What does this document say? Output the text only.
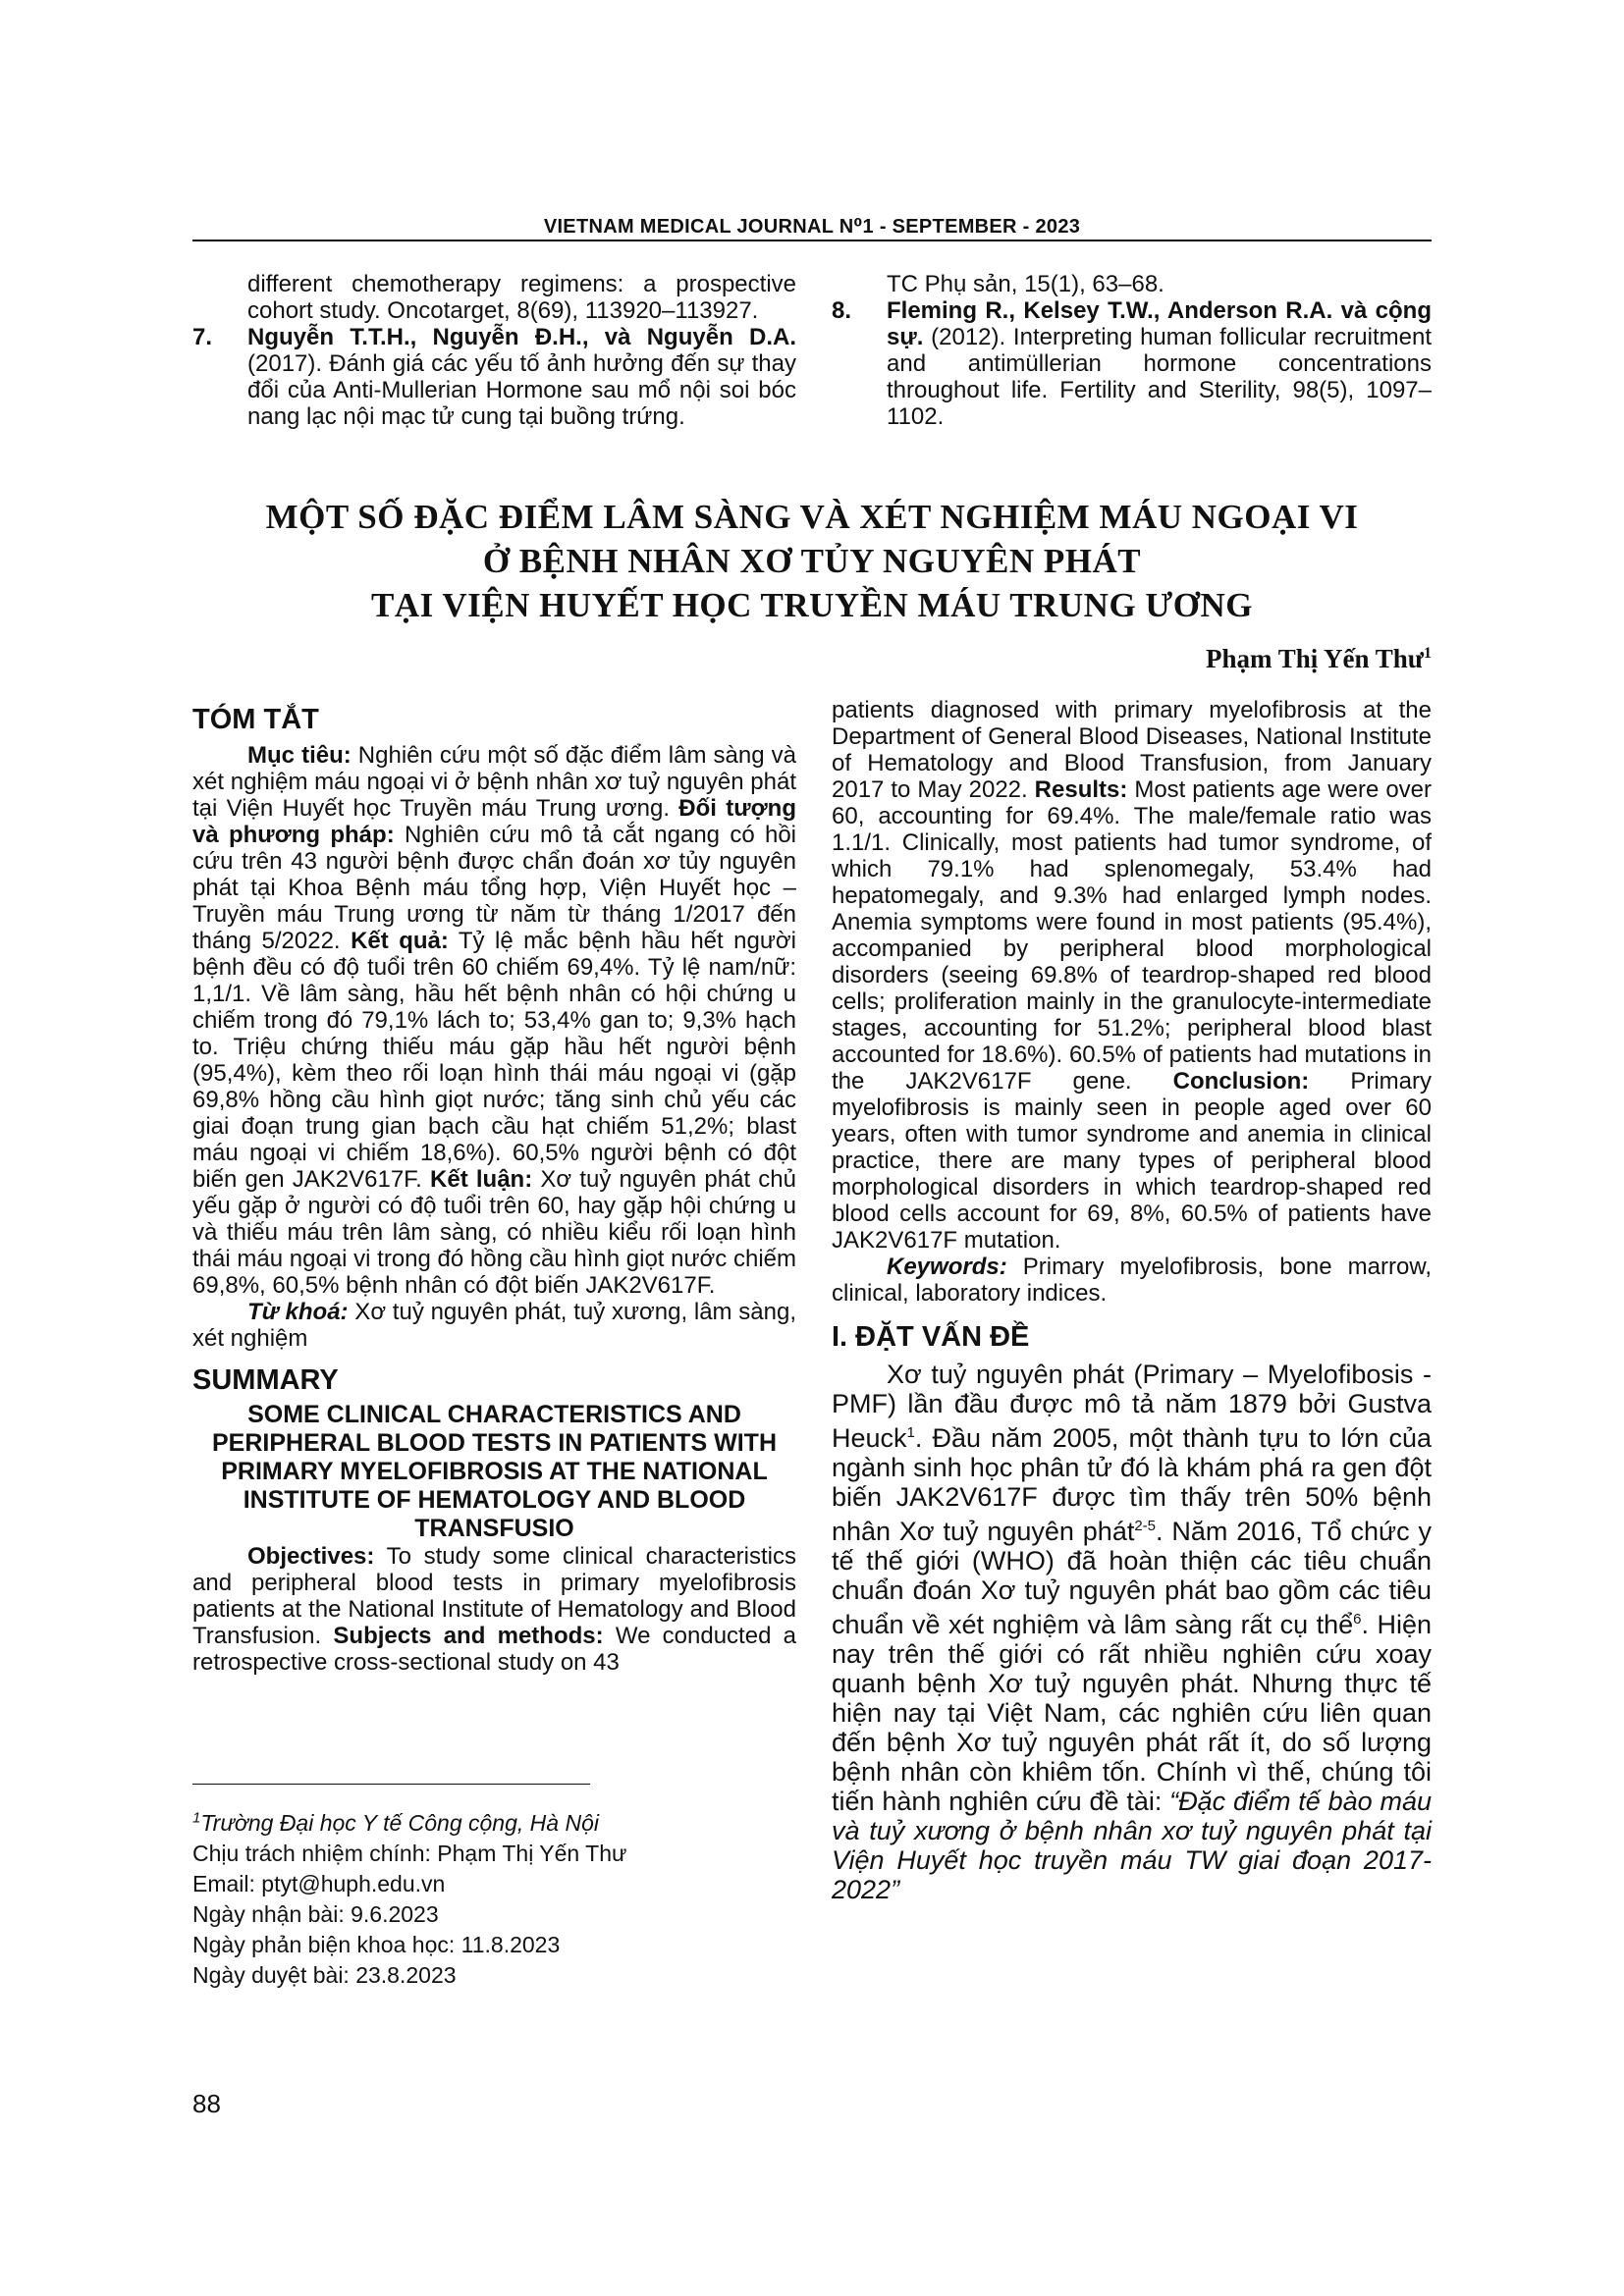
VIETNAM MEDICAL JOURNAL N⁰1 - SEPTEMBER - 2023
different chemotherapy regimens: a prospective cohort study. Oncotarget, 8(69), 113920–113927.
7. Nguyễn T.T.H., Nguyễn Đ.H., và Nguyễn D.A. (2017). Đánh giá các yếu tố ảnh hưởng đến sự thay đổi của Anti-Mullerian Hormone sau mổ nội soi bóc nang lạc nội mạc tử cung tại buồng trứng.
TC Phụ sản, 15(1), 63–68.
8. Fleming R., Kelsey T.W., Anderson R.A. và cộng sự. (2012). Interpreting human follicular recruitment and antimüllerian hormone concentrations throughout life. Fertility and Sterility, 98(5), 1097–1102.
MỘT SỐ ĐẶC ĐIỂM LÂM SÀNG VÀ XÉT NGHIỆM MÁU NGOẠI VI
Ở BỆNH NHÂN XƠ TỦY NGUYÊN PHÁT
TẠI VIỆN HUYẾT HỌC TRUYỀN MÁU TRUNG ƯƠNG
Phạm Thị Yến Thư$^1$
TÓM TẮT

Mục tiêu: Nghiên cứu một số đặc điểm lâm sàng và xét nghiệm máu ngoại vi ở bệnh nhân xơ tuỷ nguyên phát tại Viện Huyết học Truyền máu Trung ương. Đối tượng và phương pháp: Nghiên cứu mô tả cắt ngang có hồi cứu trên 43 người bệnh được chẩn đoán xơ tủy nguyên phát tại Khoa Bệnh máu tổng hợp, Viện Huyết học – Truyền máu Trung ương từ năm từ tháng 1/2017 đến tháng 5/2022. Kết quả: Tỷ lệ mắc bệnh hầu hết người bệnh đều có độ tuổi trên 60 chiếm 69,4%. Tỷ lệ nam/nữ: 1,1/1. Về lâm sàng, hầu hết bệnh nhân có hội chứng u chiếm trong đó 79,1% lách to; 53,4% gan to; 9,3% hạch to. Triệu chứng thiếu máu gặp hầu hết người bệnh (95,4%), kèm theo rối loạn hình thái máu ngoại vi (gặp 69,8% hồng cầu hình giọt nước; tăng sinh chủ yếu các giai đoạn trung gian bạch cầu hạt chiếm 51,2%; blast máu ngoại vi chiếm 18,6%). 60,5% người bệnh có đột biến gen JAK2V617F. Kết luận: Xơ tuỷ nguyên phát chủ yếu gặp ở người có độ tuổi trên 60, hay gặp hội chứng u và thiếu máu trên lâm sàng, có nhiều kiểu rối loạn hình thái máu ngoại vi trong đó hồng cầu hình giọt nước chiếm 69,8%, 60,5% bệnh nhân có đột biến JAK2V617F.

Từ khoá: Xơ tuỷ nguyên phát, tuỷ xương, lâm sàng, xét nghiệm

SUMMARY
SOME CLINICAL CHARACTERISTICS AND PERIPHERAL BLOOD TESTS IN PATIENTS WITH PRIMARY MYELOFIBROSIS AT THE NATIONAL INSTITUTE OF HEMATOLOGY AND BLOOD TRANSFUSIO

Objectives: To study some clinical characteristics and peripheral blood tests in primary myelofibrosis patients at the National Institute of Hematology and Blood Transfusion. Subjects and methods: We conducted a retrospective cross-sectional study on 43

patients diagnosed with primary myelofibrosis at the Department of General Blood Diseases, National Institute of Hematology and Blood Transfusion, from January 2017 to May 2022. Results: Most patients age were over 60, accounting for 69.4%. The male/female ratio was 1.1/1. Clinically, most patients had tumor syndrome, of which 79.1% had splenomegaly, 53.4% had hepatomegaly, and 9.3% had enlarged lymph nodes. Anemia symptoms were found in most patients (95.4%), accompanied by peripheral blood morphological disorders (seeing 69.8% of teardrop-shaped red blood cells; proliferation mainly in the granulocyte-intermediate stages, accounting for 51.2%; peripheral blood blast accounted for 18.6%). 60.5% of patients had mutations in the JAK2V617F gene. Conclusion: Primary myelofibrosis is mainly seen in people aged over 60 years, often with tumor syndrome and anemia in clinical practice, there are many types of peripheral blood morphological disorders in which teardrop-shaped red blood cells account for 69, 8%, 60.5% of patients have JAK2V617F mutation.

Keywords: Primary myelofibrosis, bone marrow, clinical, laboratory indices.

I. ĐẶT VẤN ĐỀ

Xơ tuỷ nguyên phát (Primary – Myelofibosis - PMF) lần đầu được mô tả năm 1879 bởi Gustva Heuck$^1$. Đầu năm 2005, một thành tựu to lớn của ngành sinh học phân tử đó là khám phá ra gen đột biến JAK2V617F được tìm thấy trên 50% bệnh nhân Xơ tuỷ nguyên phát$^{2-5}$. Năm 2016, Tổ chức y tế thế giới (WHO) đã hoàn thiện các tiêu chuẩn chuẩn đoán Xơ tuỷ nguyên phát bao gồm các tiêu chuẩn về xét nghiệm và lâm sàng rất cụ thể$^6$. Hiện nay trên thế giới có rất nhiều nghiên cứu xoay quanh bệnh Xơ tuỷ nguyên phát. Nhưng thực tế hiện nay tại Việt Nam, các nghiên cứu liên quan đến bệnh Xơ tuỷ nguyên phát rất ít, do số lượng bệnh nhân còn khiêm tốn. Chính vì thế, chúng tôi tiến hành nghiên cứu đề tài: “Đặc điểm tế bào máu và tuỷ xương ở bệnh nhân xơ tuỷ nguyên phát tại Viện Huyết học truyền máu TW giai đoạn 2017-2022”

$^1$Trường Đại học Y tế Công cộng, Hà Nội
Chịu trách nhiệm chính: Phạm Thị Yến Thư
Email: ptyt@huph.edu.vn
Ngày nhận bài: 9.6.2023
Ngày phản biện khoa học: 11.8.2023
Ngày duyệt bài: 23.8.2023
88
